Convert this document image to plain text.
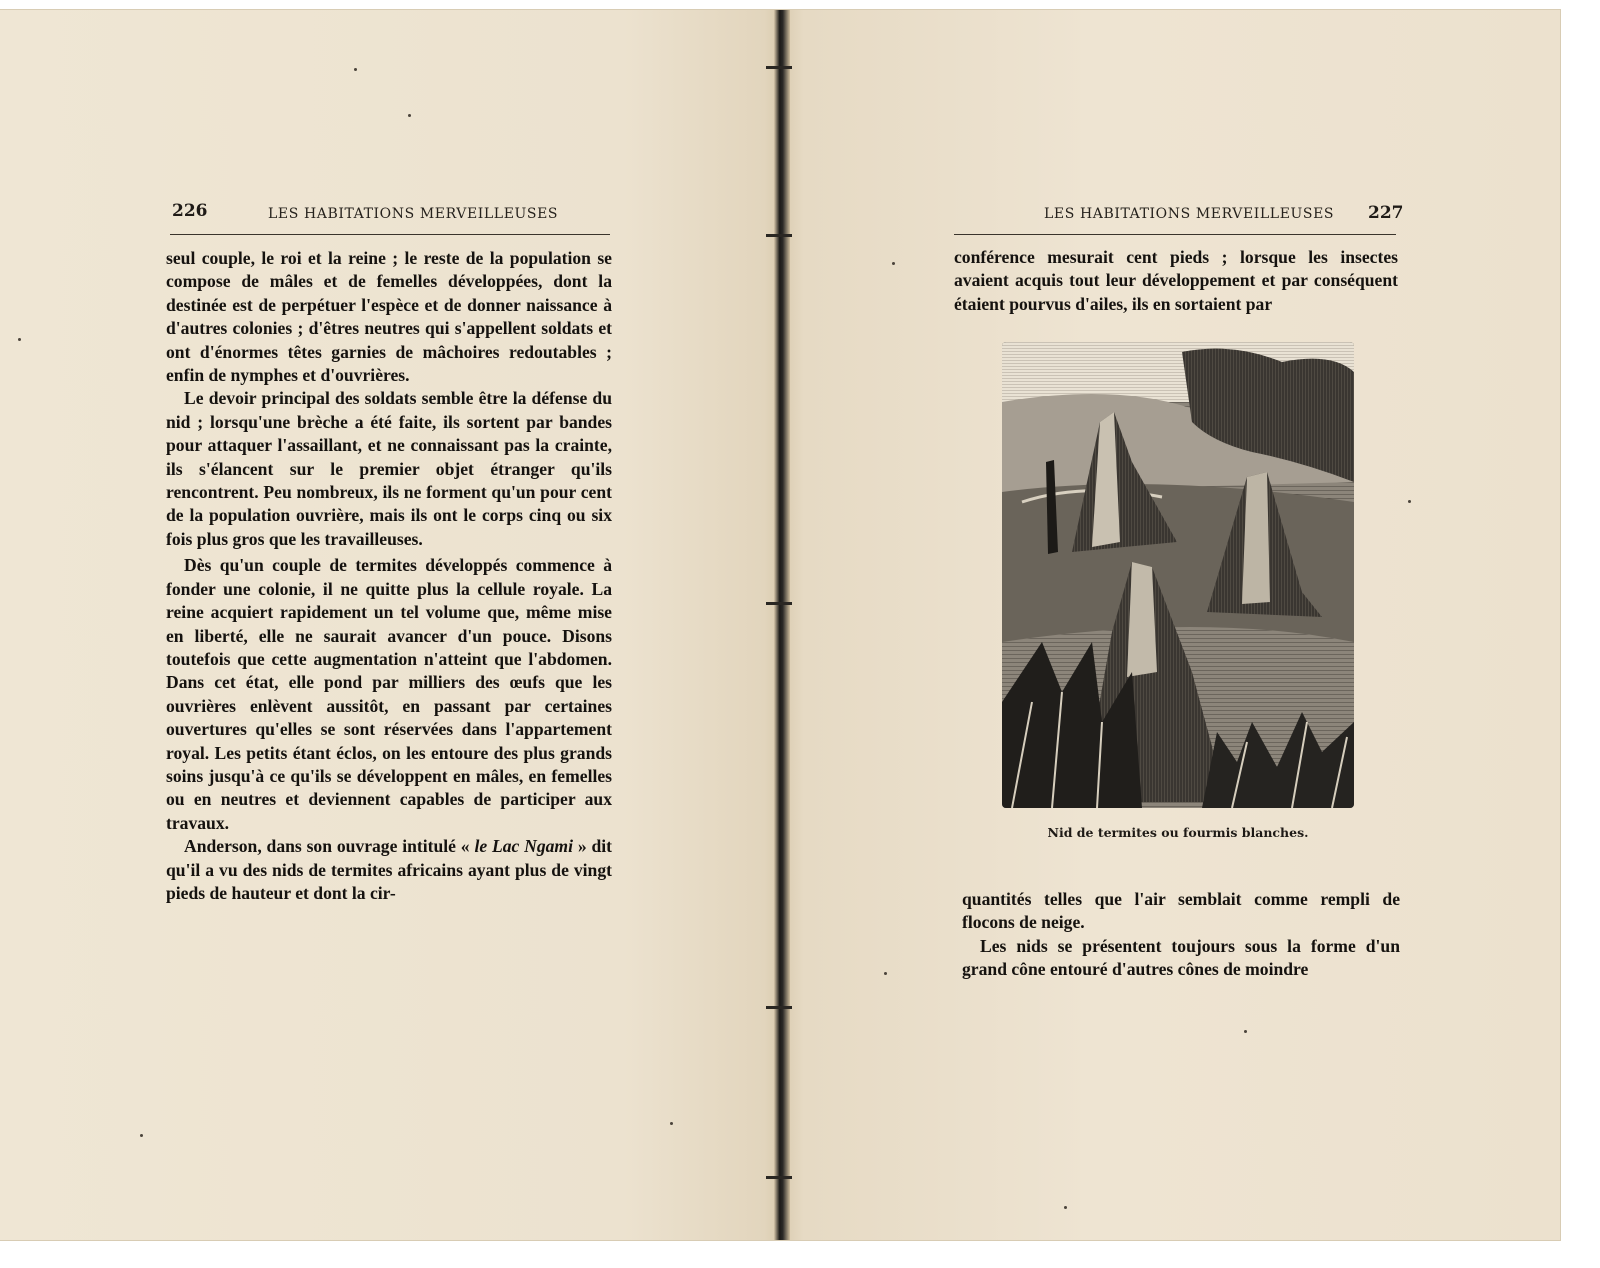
226	LES HABITATIONS MERVEILLEUSES

seul couple, le roi et la reine ; le reste de la population se compose de mâles et de femelles développées, dont la destinée est de perpétuer l'espèce et de donner naissance à d'autres colonies ; d'êtres neutres qui s'appellent soldats et ont d'énormes têtes garnies de mâchoires redoutables ; enfin de nymphes et d'ouvrières.

Le devoir principal des soldats semble être la défense du nid ; lorsqu'une brèche a été faite, ils sortent par bandes pour attaquer l'assaillant, et ne connaissant pas la crainte, ils s'élancent sur le premier objet étranger qu'ils rencontrent. Peu nombreux, ils ne forment qu'un pour cent de la population ouvrière, mais ils ont le corps cinq ou six fois plus gros que les travailleuses.

Dès qu'un couple de termites développés commence à fonder une colonie, il ne quitte plus la cellule royale. La reine acquiert rapidement un tel volume que, même mise en liberté, elle ne saurait avancer d'un pouce. Disons toutefois que cette augmentation n'atteint que l'abdomen. Dans cet état, elle pond par milliers des œufs que les ouvrières enlèvent aussitôt, en passant par certaines ouvertures qu'elles se sont réservées dans l'appartement royal. Les petits étant éclos, on les entoure des plus grands soins jusqu'à ce qu'ils se développent en mâles, en femelles ou en neutres et deviennent capables de participer aux travaux.

Anderson, dans son ouvrage intitulé « le Lac Ngami » dit qu'il a vu des nids de termites africains ayant plus de vingt pieds de hauteur et dont la cir-

LES HABITATIONS MERVEILLEUSES 227

conférence mesurait cent pieds ; lorsque les insectes avaient acquis tout leur développement et par conséquent étaient pourvus d'ailes, ils en sortaient par

Nid de termites ou fourmis blanches.

quantités telles que l'air semblait comme rempli de flocons de neige.

Les nids se présentent toujours sous la forme d'un grand cône entouré d'autres cônes de moindre
